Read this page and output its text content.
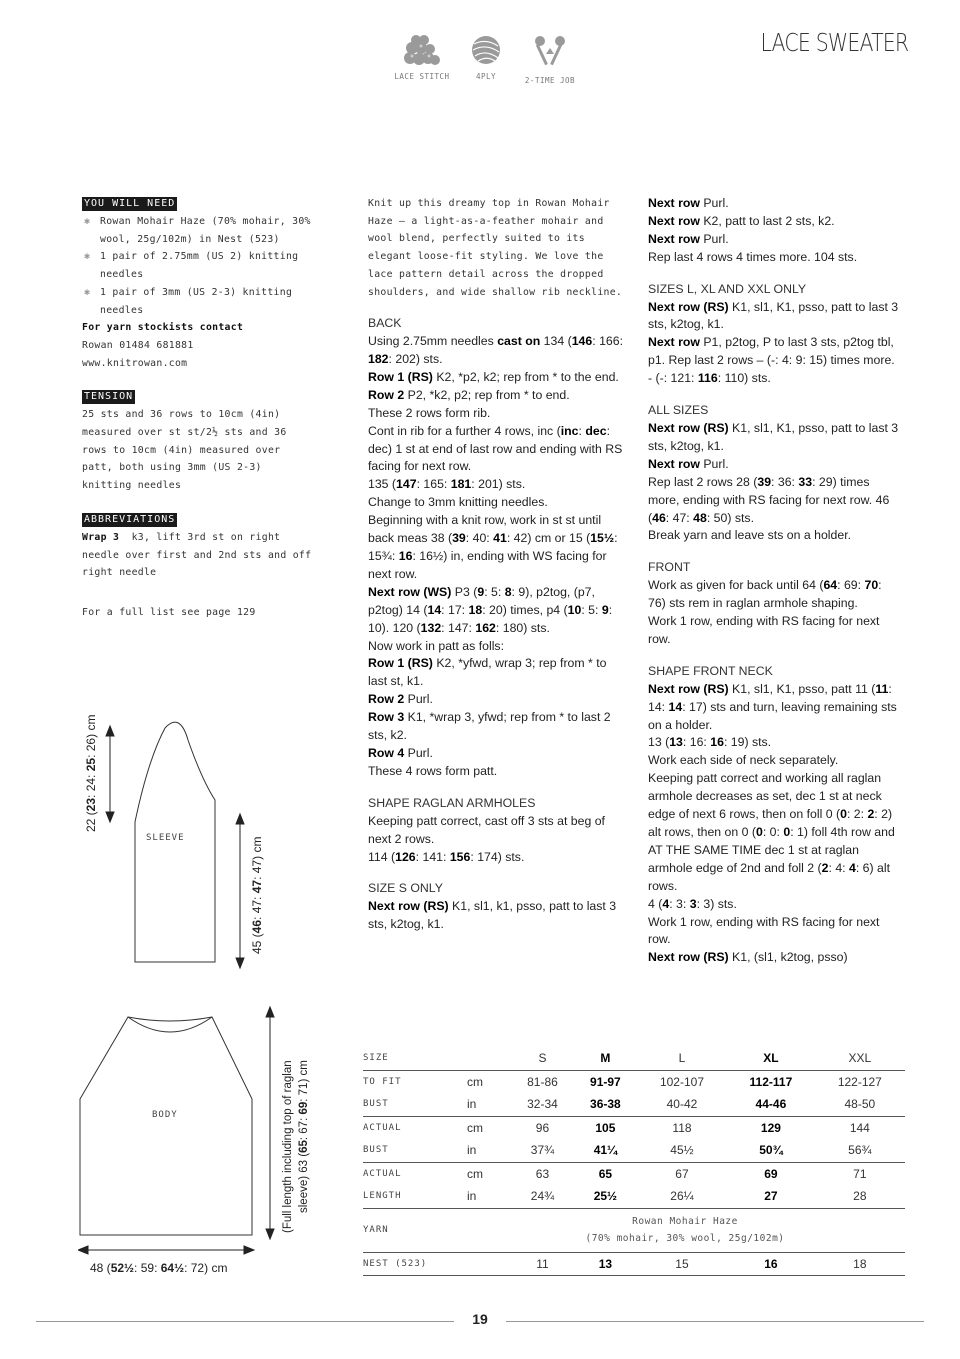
LACE SWEATER
LACE STITCH	4PLY	2-TIME JOB
YOU WILL NEED
✱ Rowan Mohair Haze (70% mohair, 30% wool, 25g/102m) in Nest (523)
✱ 1 pair of 2.75mm (US 2) knitting needles
✱ 1 pair of 3mm (US 2-3) knitting needles
For yarn stockists contact
Rowan 01484 681881
www.knitrowan.com
TENSION
25 sts and 36 rows to 10cm (4in) measured over st st/2½ sts and 36 rows to 10cm (4in) measured over patt, both using 3mm (US 2-3) knitting needles
ABBREVIATIONS
Wrap 3 k3, lift 3rd st on right needle over first and 2nd sts and off right needle
For a full list see page 129
SLEEVE
22 (23: 24: 25: 26) cm
45 (46: 47: 47: 47) cm
BODY	(Full length including top of raglan sleeve) 63 (65: 67: 69: 71) cm
48 (52½: 59: 64½: 72) cm
Knit up this dreamy top in Rowan Mohair Haze – a light-as-a-feather mohair and wool blend, perfectly suited to its elegant loose-fit styling. We love the lace pattern detail across the dropped shoulders, and wide shallow rib neckline.
BACK
Using 2.75mm needles cast on 134 (146: 166: 182: 202) sts.
Row 1 (RS) K2, *p2, k2; rep from * to the end.
Row 2 P2, *k2, p2; rep from * to end.
These 2 rows form rib.
Cont in rib for a further 4 rows, inc (inc: dec: dec) 1 st at end of last row and ending with RS facing for next row.
135 (147: 165: 181: 201) sts.
Change to 3mm knitting needles.
Beginning with a knit row, work in st st until back meas 38 (39: 40: 41: 42) cm or 15 (15½: 15¾: 16: 16½) in, ending with WS facing for next row.
Next row (WS) P3 (9: 5: 8: 9), p2tog, (p7, p2tog) 14 (14: 17: 18: 20) times, p4 (10: 5: 9: 10). 120 (132: 147: 162: 180) sts.
Now work in patt as folls:
Row 1 (RS) K2, *yfwd, wrap 3; rep from * to last st, k1.
Row 2 Purl.
Row 3 K1, *wrap 3, yfwd; rep from * to last 2 sts, k2.
Row 4 Purl.
These 4 rows form patt.
SHAPE RAGLAN ARMHOLES
Keeping patt correct, cast off 3 sts at beg of next 2 rows.
114 (126: 141: 156: 174) sts.
SIZE S ONLY
Next row (RS) K1, sl1, k1, psso, patt to last 3 sts, k2tog, k1.
Next row Purl.
Next row K2, patt to last 2 sts, k2.
Next row Purl.
Rep last 4 rows 4 times more. 104 sts.
SIZES L, XL AND XXL ONLY
Next row (RS) K1, sl1, K1, psso, patt to last 3 sts, k2tog, k1.
Next row P1, p2tog, P to last 3 sts, p2tog tbl, p1. Rep last 2 rows – (-: 4: 9: 15) times more. - (-: 121: 116: 110) sts.
ALL SIZES
Next row (RS) K1, sl1, K1, psso, patt to last 3 sts, k2tog, k1.
Next row Purl.
Rep last 2 rows 28 (39: 36: 33: 29) times more, ending with RS facing for next row. 46 (46: 47: 48: 50) sts.
Break yarn and leave sts on a holder.
FRONT
Work as given for back until 64 (64: 69: 70: 76) sts rem in raglan armhole shaping.
Work 1 row, ending with RS facing for next row.
SHAPE FRONT NECK
Next row (RS) K1, sl1, K1, psso, patt 11 (11: 14: 14: 17) sts and turn, leaving remaining sts on a holder.
13 (13: 16: 16: 19) sts.
Work each side of neck separately.
Keeping patt correct and working all raglan armhole decreases as set, dec 1 st at neck edge of next 6 rows, then on foll 0 (0: 2: 2: 2) alt rows, then on 0 (0: 0: 0: 1) foll 4th row and AT THE SAME TIME dec 1 st at raglan armhole edge of 2nd and foll 2 (2: 4: 4: 6) alt rows.
4 (4: 3: 3: 3) sts.
Work 1 row, ending with RS facing for next row.
Next row (RS) K1, (sl1, k2tog, psso)
SIZE		S	M	L	XL	XXL
TO FIT	cm	81-86	91-97	102-107	112-117	122-127
BUST	in	32-34	36-38	40-42	44-46	48-50
ACTUAL	cm	96	105	118	129	144
BUST	in	37¾	41¼	45½	50¾	56¾
ACTUAL	cm	63	65	67	69	71
LENGTH	in	24¾	25½	26¼	27	28
YARN	Rowan Mohair Haze
(70% mohair, 30% wool, 25g/102m)					

NEST (523)		11	13	15	16	18
19
